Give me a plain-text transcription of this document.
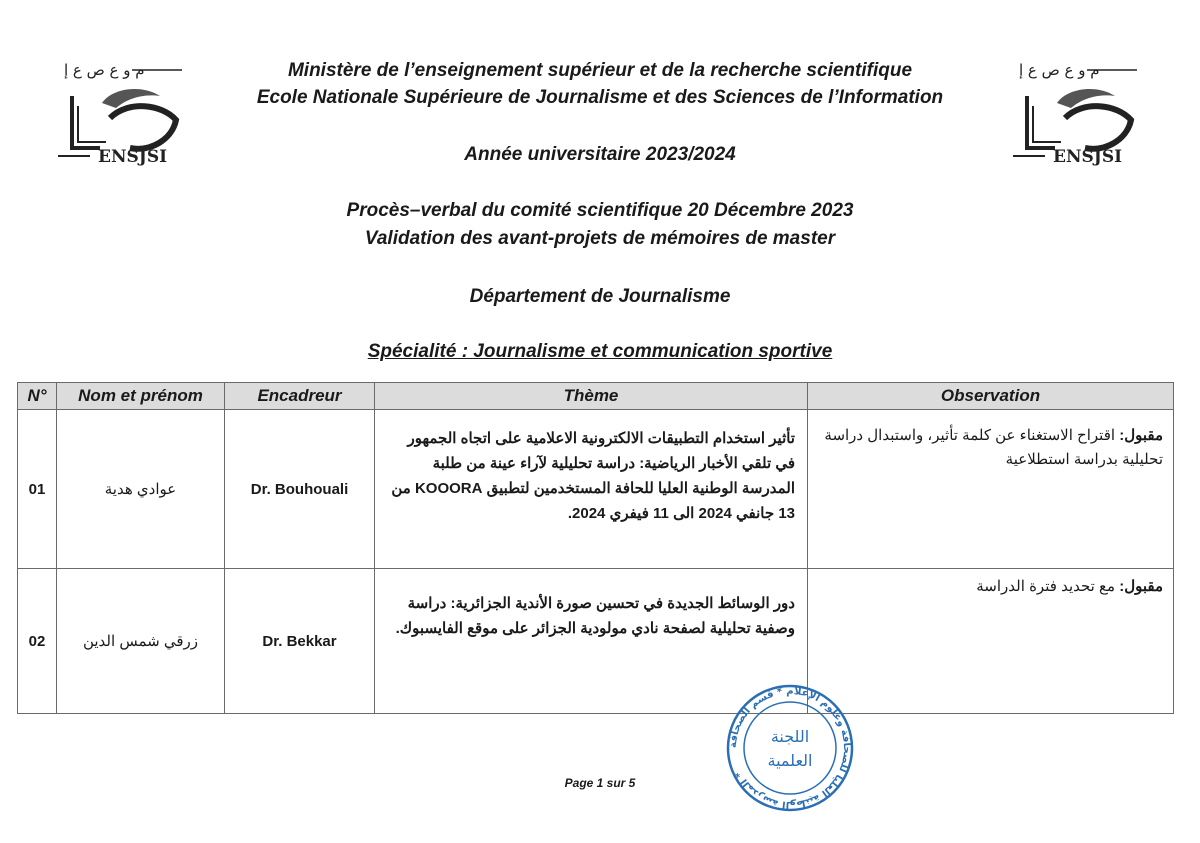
م و ع ص ع إ
ENSJSI
م و ع ص ع إ
ENSJSI
Ministère de l’enseignement supérieur et de la recherche scientifique
Ecole Nationale Supérieure de Journalisme et des Sciences de l’Information
Année universitaire 2023/2024
Procès–verbal du comité scientifique 20 Décembre 2023
Validation des avant-projets de mémoires de master
Département de Journalisme
Spécialité : Journalisme et communication sportive
N°	Nom et prénom	Encadreur	Thème	Observation
01	عوادي هدية	Dr. Bouhouali	تأثير استخدام التطبيقات الالكترونية الاعلامية على اتجاه الجمهور في تلقي الأخبار الرياضية: دراسة تحليلية لآراء عينة من طلبة المدرسة الوطنية العليا للحافة المستخدمين لتطبيق KOOORA من 13 جانفي 2024 الى 11 فيفري 2024.	مقبول: اقتراح الاستغناء عن كلمة تأثير، واستبدال دراسة تحليلية بدراسة استطلاعية
02	زرقي شمس الدين	Dr. Bekkar	دور الوسائط الجديدة في تحسين صورة الأندية الجزائرية: دراسة وصفية تحليلية لصفحة نادي مولودية الجزائر على موقع الفايسبوك.	مقبول: مع تحديد فترة الدراسة
المدرسة الوطنية العليا للصحافة وعلوم الإعلام * قسم الصحافة *
اللجنة
العلمية
Page 1 sur 5
